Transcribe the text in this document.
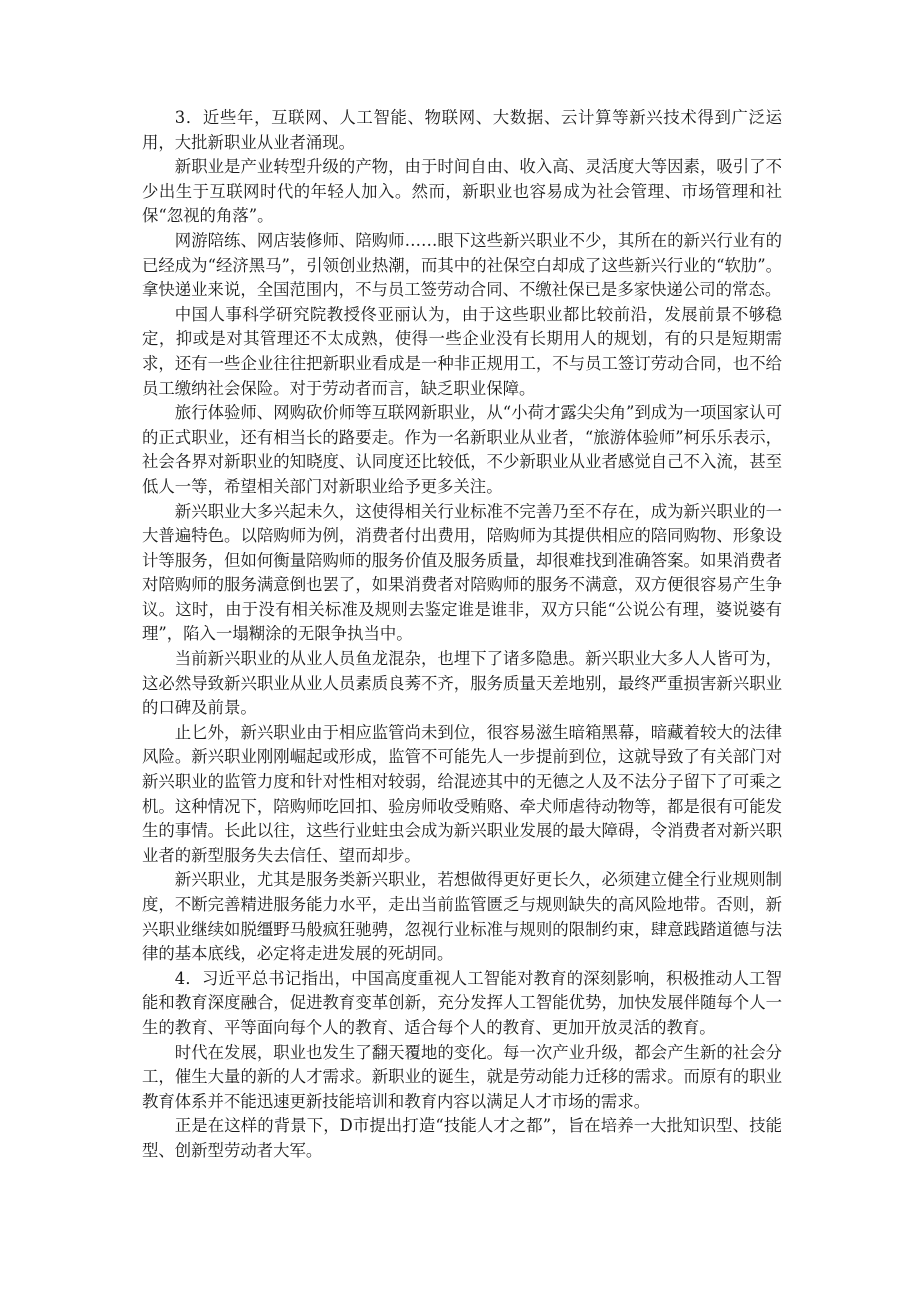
3．近些年，互联网、人工智能、物联网、大数据、云计算等新兴技术得到广泛运用，大批新职业从业者涌现。

新职业是产业转型升级的产物，由于时间自由、收入高、灵活度大等因素，吸引了不少出生于互联网时代的年轻人加入。然而，新职业也容易成为社会管理、市场管理和社保“忽视的角落”。

网游陪练、网店装修师、陪购师……眼下这些新兴职业不少，其所在的新兴行业有的已经成为“经济黑马”，引领创业热潮，而其中的社保空白却成了这些新兴行业的“软肋”。拿快递业来说，全国范围内，不与员工签劳动合同、不缴社保已是多家快递公司的常态。

中国人事科学研究院教授佟亚丽认为，由于这些职业都比较前沿，发展前景不够稳定，抑或是对其管理还不太成熟，使得一些企业没有长期用人的规划，有的只是短期需求，还有一些企业往往把新职业看成是一种非正规用工，不与员工签订劳动合同，也不给员工缴纳社会保险。对于劳动者而言，缺乏职业保障。

旅行体验师、网购砍价师等互联网新职业，从“小荷才露尖尖角”到成为一项国家认可的正式职业，还有相当长的路要走。作为一名新职业从业者，“旅游体验师”柯乐乐表示，社会各界对新职业的知晓度、认同度还比较低，不少新职业从业者感觉自己不入流，甚至低人一等，希望相关部门对新职业给予更多关注。

新兴职业大多兴起未久，这使得相关行业标准不完善乃至不存在，成为新兴职业的一大普遍特色。以陪购师为例，消费者付出费用，陪购师为其提供相应的陪同购物、形象设计等服务，但如何衡量陪购师的服务价值及服务质量，却很难找到准确答案。如果消费者对陪购师的服务满意倒也罢了，如果消费者对陪购师的服务不满意，双方便很容易产生争议。这时，由于没有相关标准及规则去鉴定谁是谁非，双方只能“公说公有理，婆说婆有理”，陷入一塌糊涂的无限争执当中。

当前新兴职业的从业人员鱼龙混杂，也埋下了诸多隐患。新兴职业大多人人皆可为，这必然导致新兴职业从业人员素质良莠不齐，服务质量天差地别，最终严重损害新兴职业的口碑及前景。

止匕外，新兴职业由于相应监管尚未到位，很容易滋生暗箱黑幕，暗藏着较大的法律风险。新兴职业刚刚崛起或形成，监管不可能先人一步提前到位，这就导致了有关部门对新兴职业的监管力度和针对性相对较弱，给混迹其中的无德之人及不法分子留下了可乘之机。这种情况下，陪购师吃回扣、验房师收受贿赂、牵犬师虐待动物等，都是很有可能发生的事情。长此以往，这些行业蛀虫会成为新兴职业发展的最大障碍，令消费者对新兴职业者的新型服务失去信任、望而却步。

新兴职业，尤其是服务类新兴职业，若想做得更好更长久，必须建立健全行业规则制度，不断完善精进服务能力水平，走出当前监管匮乏与规则缺失的高风险地带。否则，新兴职业继续如脱缰野马般疯狂驰骋，忽视行业标准与规则的限制约束，肆意践踏道德与法律的基本底线，必定将走进发展的死胡同。

4．习近平总书记指出，中国高度重视人工智能对教育的深刻影响，积极推动人工智能和教育深度融合，促进教育变革创新，充分发挥人工智能优势，加快发展伴随每个人一生的教育、平等面向每个人的教育、适合每个人的教育、更加开放灵活的教育。

时代在发展，职业也发生了翻天覆地的变化。每一次产业升级，都会产生新的社会分工，催生大量的新的人才需求。新职业的诞生，就是劳动能力迁移的需求。而原有的职业教育体系并不能迅速更新技能培训和教育内容以满足人才市场的需求。

正是在这样的背景下，D市提出打造“技能人才之都”，旨在培养一大批知识型、技能型、创新型劳动者大军。
